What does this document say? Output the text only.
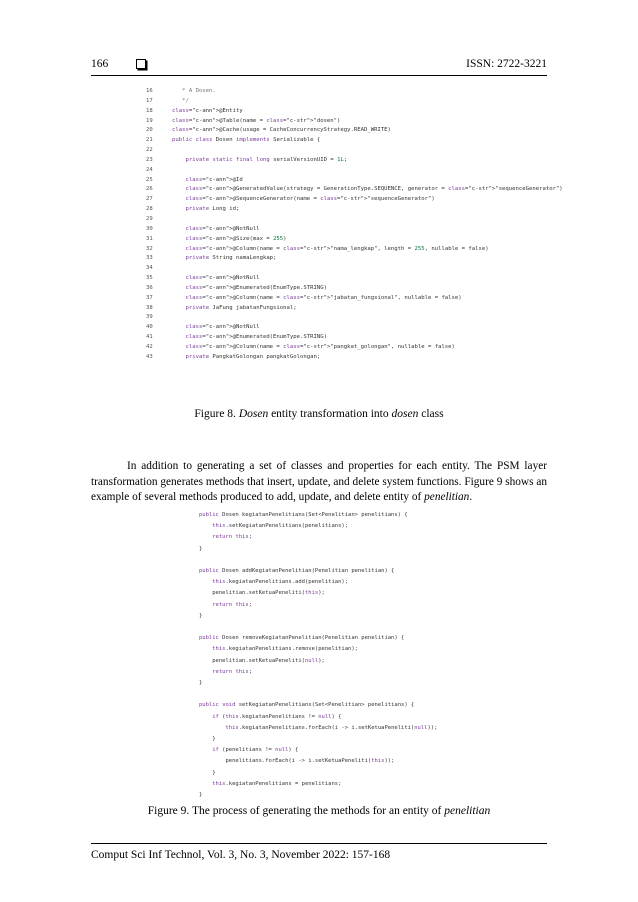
166	ISSN: 2722-3221
16	* A Dosen.
17	*/
18	class="c-ann">@Entity
19	class="c-ann">@Table(name = class="c-str">"dosen")
20	class="c-ann">@Cache(usage = CacheConcurrencyStrategy.READ_WRITE)
21	public class Dosen implements Serializable {
22
23	private static final long serialVersionUID = 1L;
24
25	class="c-ann">@Id
26	class="c-ann">@GeneratedValue(strategy = GenerationType.SEQUENCE, generator = class="c-str">"sequenceGenerator")
27	class="c-ann">@SequenceGenerator(name = class="c-str">"sequenceGenerator")
28	private Long id;
29
30	class="c-ann">@NotNull
31	class="c-ann">@Size(max = 255)
32	class="c-ann">@Column(name = class="c-str">"nama_lengkap", length = 255, nullable = false)
33	private String namaLengkap;
34
35	class="c-ann">@NotNull
36	class="c-ann">@Enumerated(EnumType.STRING)
37	class="c-ann">@Column(name = class="c-str">"jabatan_fungsional", nullable = false)
38	private JaFung jabatanFungsional;
39
40	class="c-ann">@NotNull
41	class="c-ann">@Enumerated(EnumType.STRING)
42	class="c-ann">@Column(name = class="c-str">"pangkat_golongan", nullable = false)
43	private PangkatGolongan pangkatGolongan;
Figure 8. Dosen entity transformation into dosen class
In addition to generating a set of classes and properties for each entity. The PSM layer transformation generates methods that insert, update, and delete system functions. Figure 9 shows an example of several methods produced to add, update, and delete entity of penelitian.
public Dosen kegiatanPenelitians(Set<Penelitian> penelitians) {
this.setKegiatanPenelitians(penelitians);
return this;
}
public Dosen addKegiatanPenelitian(Penelitian penelitian) {
this.kegiatanPenelitians.add(penelitian);
penelitian.setKetuaPeneliti(this);
return this;
}
public Dosen removeKegiatanPenelitian(Penelitian penelitian) {
this.kegiatanPenelitians.remove(penelitian);
penelitian.setKetuaPeneliti(null);
return this;
}
public void setKegiatanPenelitians(Set<Penelitian> penelitians) {
if (this.kegiatanPenelitians != null) {
this.kegiatanPenelitians.forEach(i -> i.setKetuaPeneliti(null));
}
if (penelitians != null) {
penelitians.forEach(i -> i.setKetuaPeneliti(this));
}
this.kegiatanPenelitians = penelitians;
}
Figure 9. The process of generating the methods for an entity of penelitian
Comput Sci Inf Technol, Vol. 3, No. 3, November 2022: 157-168
